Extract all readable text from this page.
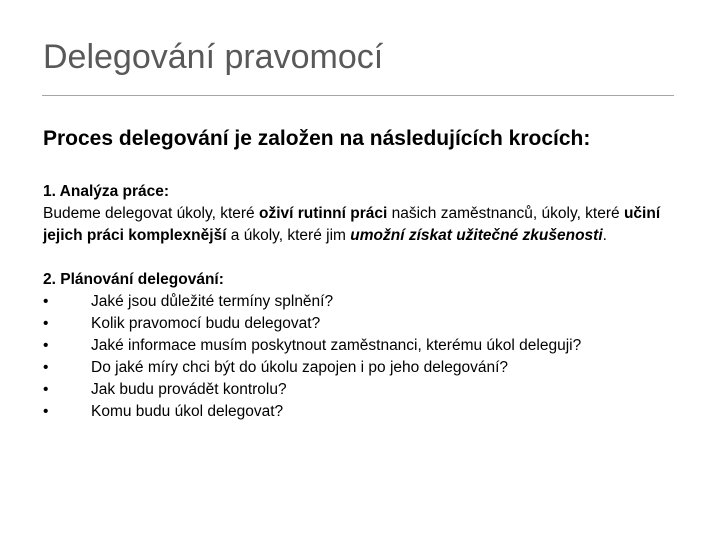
Delegování pravomocí
Proces delegování je založen na následujících krocích:

1. Analýza práce:

Budeme delegovat úkoly, které oživí rutinní práci našich zaměstnanců, úkoly, které učiní jejich práci komplexnější a úkoly, které jim umožní získat užitečné zkušenosti.

2. Plánování delegování:

•	Jaké jsou důležité termíny splnění?
•	Kolik pravomocí budu delegovat?
•	Jaké informace musím poskytnout zaměstnanci, kterému úkol deleguji?
•	Do jaké míry chci být do úkolu zapojen i po jeho delegování?
•	Jak budu provádět kontrolu?
•	Komu budu úkol delegovat?
